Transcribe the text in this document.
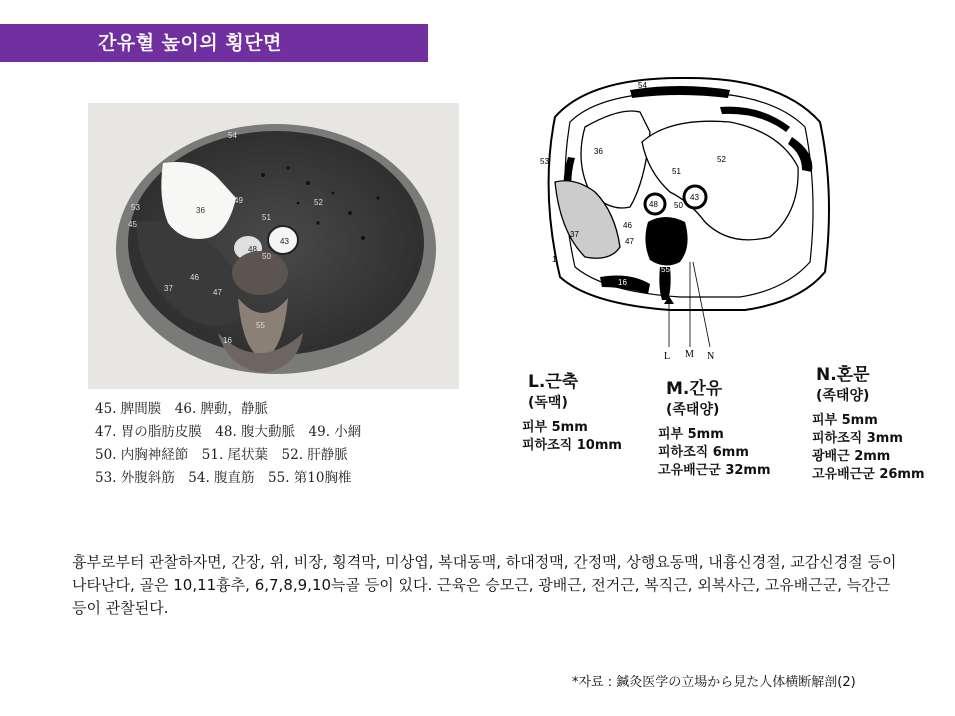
간유혈 높이의 횡단면
54
53	36
49
51
52
45
48
43
50
46
37	47
55
16
45. 脾間膜　46. 脾動，静脈
47. 胃の脂肪皮膜　48. 腹大動脈　49. 小網
50. 内胸神経節　51. 尾状葉　52. 肝静脈
53. 外腹斜筋　54. 腹直筋　55. 第10胸椎
54
36
53	52
51
43
48 50
46
37
47
55
16
1
L M N
L.근축
(독맥)
피부 5mm
피하조직 10mm
M.간유
(족태양)
피부 5mm
피하조직 6mm
고유배근군 32mm
N.혼문
(족태양)
피부 5mm
피하조직 3mm
광배근 2mm
고유배근군 26mm
흉부로부터 관찰하자면, 간장, 위, 비장, 횡격막, 미상엽, 복대동맥, 하대정맥, 간정맥, 상행요동맥, 내흉신경절, 교감신경절 등이 나타난다, 골은 10,11흉추, 6,7,8,9,10늑골 등이 있다. 근육은 승모근, 광배근, 전거근, 복직근, 외복사근, 고유배근군, 늑간근 등이 관찰된다.
*자료 : 鍼灸医学の立場から見た人体横断解剖(2)
